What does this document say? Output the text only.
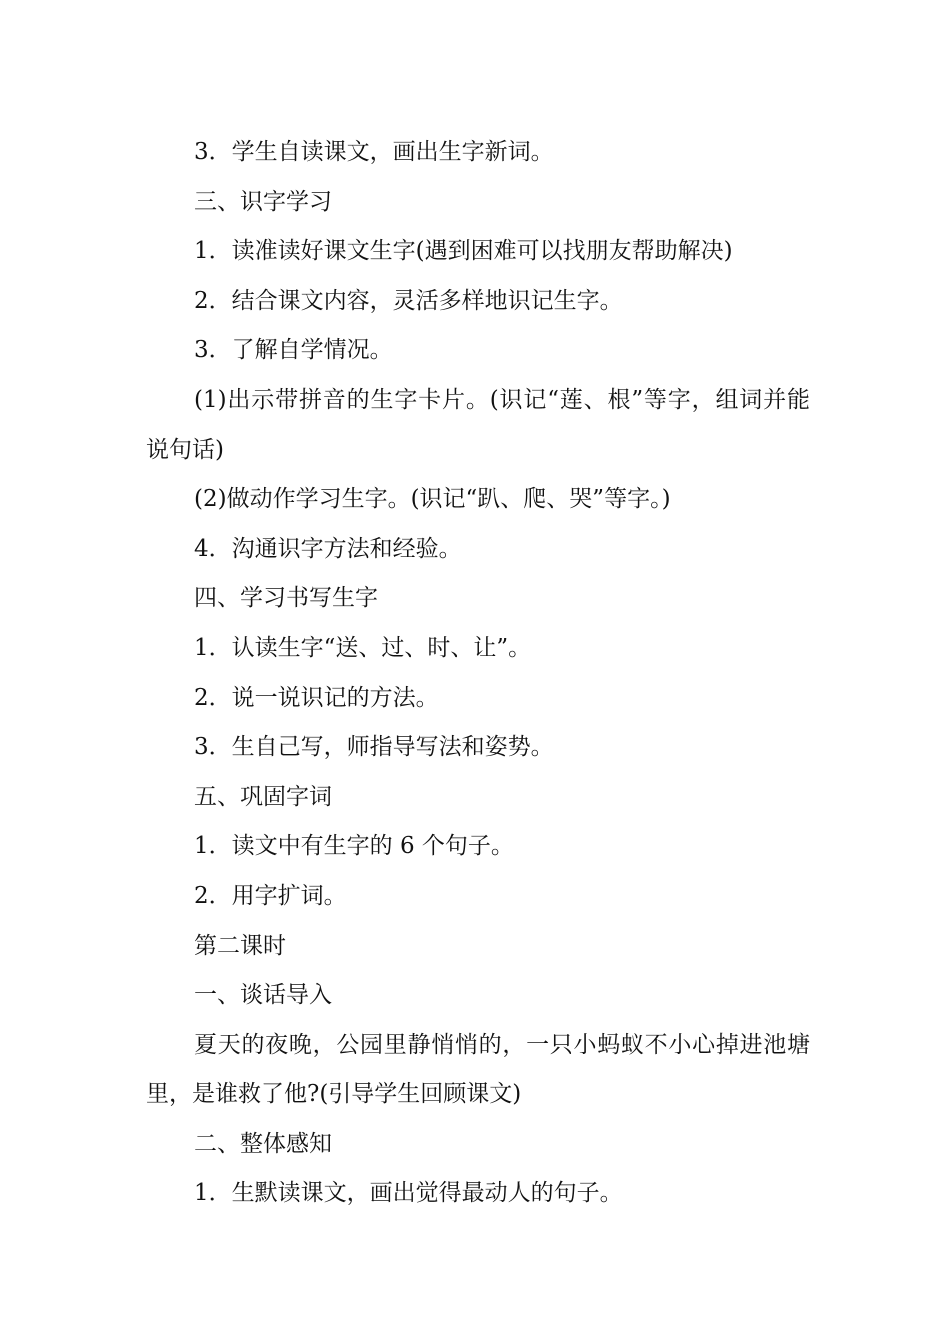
3．学生自读课文，画出生字新词。

三、识字学习

1．读准读好课文生字(遇到困难可以找朋友帮助解决)

2．结合课文内容，灵活多样地识记生字。

3．了解自学情况。

(1)出示带拼音的生字卡片。(识记“莲、根”等字，组词并能说句话)

(2)做动作学习生字。(识记“趴、爬、哭”等字。)

4．沟通识字方法和经验。

四、学习书写生字

1．认读生字“送、过、时、让”。

2．说一说识记的方法。

3．生自己写，师指导写法和姿势。

五、巩固字词

1．读文中有生字的 6 个句子。

2．用字扩词。

第二课时

一、谈话导入

夏天的夜晚，公园里静悄悄的，一只小蚂蚁不小心掉进池塘里，是谁救了他?(引导学生回顾课文)

二、整体感知

1．生默读课文，画出觉得最动人的句子。
